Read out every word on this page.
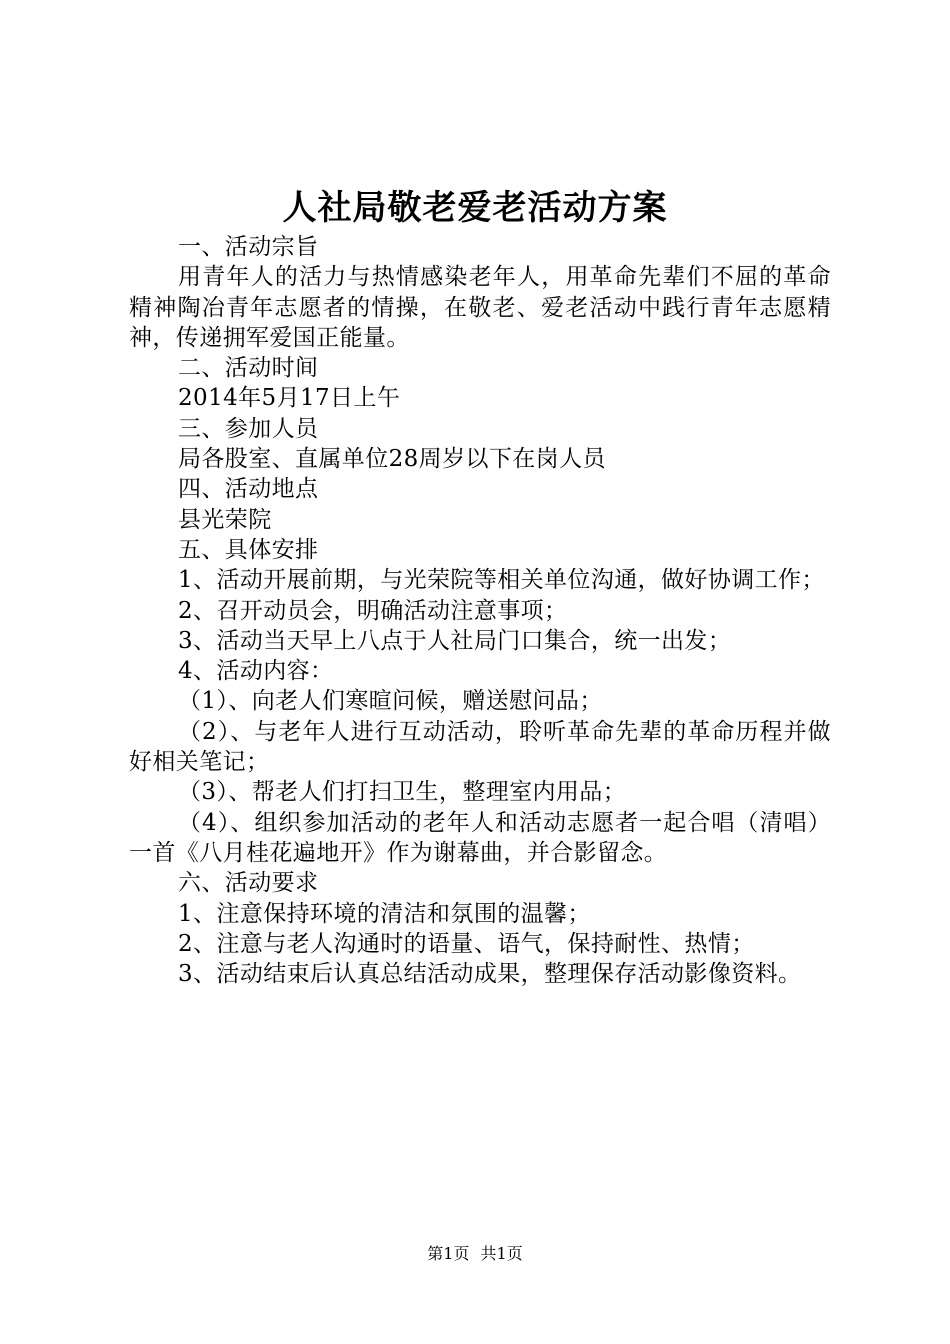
人社局敬老爱老活动方案

一、活动宗旨

用青年人的活力与热情感染老年人，用革命先辈们不屈的革命精神陶冶青年志愿者的情操，在敬老、爱老活动中践行青年志愿精神，传递拥军爱国正能量。

二、活动时间

2014年5月17日上午

三、参加人员

局各股室、直属单位28周岁以下在岗人员

四、活动地点

县光荣院

五、具体安排

1、活动开展前期，与光荣院等相关单位沟通，做好协调工作；

2、召开动员会，明确活动注意事项；

3、活动当天早上八点于人社局门口集合，统一出发；

4、活动内容：

（1）、向老人们寒暄问候，赠送慰问品；

（2）、与老年人进行互动活动，聆听革命先辈的革命历程并做好相关笔记；

（3）、帮老人们打扫卫生，整理室内用品；

（4）、组织参加活动的老年人和活动志愿者一起合唱（清唱）一首《八月桂花遍地开》作为谢幕曲，并合影留念。

六、活动要求

1、注意保持环境的清洁和氛围的温馨；

2、注意与老人沟通时的语量、语气，保持耐性、热情；

3、活动结束后认真总结活动成果，整理保存活动影像资料。

第1页 共1页
